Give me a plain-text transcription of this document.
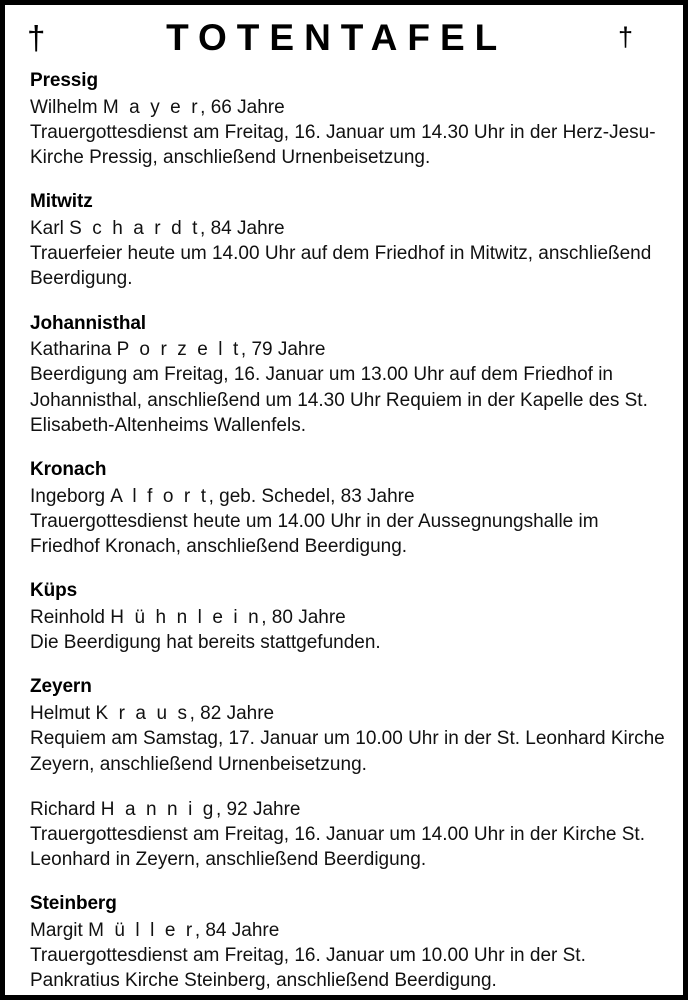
†	TOTENTAFEL	†
Pressig
Wilhelm M a y e r, 66 Jahre
Trauergottesdienst am Freitag, 16. Januar um 14.30 Uhr in der Herz-Jesu-Kirche Pressig, anschließend Urnenbeisetzung.
Mitwitz
Karl S c h a r d t, 84 Jahre
Trauerfeier heute um 14.00 Uhr auf dem Friedhof in Mitwitz, anschließend Beerdigung.
Johannisthal
Katharina P o r z e l t, 79 Jahre
Beerdigung am Freitag, 16. Januar um 13.00 Uhr auf dem Friedhof in Johannisthal, anschließend um 14.30 Uhr Requiem in der Kapelle des St. Elisabeth-Altenheims Wallenfels.
Kronach
Ingeborg A l f o r t, geb. Schedel, 83 Jahre
Trauergottesdienst heute um 14.00 Uhr in der Aussegnungshalle im Friedhof Kronach, anschließend Beerdigung.
Küps
Reinhold H ü h n l e i n, 80 Jahre
Die Beerdigung hat bereits stattgefunden.
Zeyern
Helmut K r a u s, 82 Jahre
Requiem am Samstag, 17. Januar um 10.00 Uhr in der St. Leonhard Kirche Zeyern, anschließend Urnenbeisetzung.
Richard H a n n i g, 92 Jahre
Trauergottesdienst am Freitag, 16. Januar um 14.00 Uhr in der Kirche St. Leonhard in Zeyern, anschließend Beerdigung.
Steinberg
Margit M ü l l e r, 84 Jahre
Trauergottesdienst am Freitag, 16. Januar um 10.00 Uhr in der St. Pankratius Kirche Steinberg, anschließend Beerdigung.
